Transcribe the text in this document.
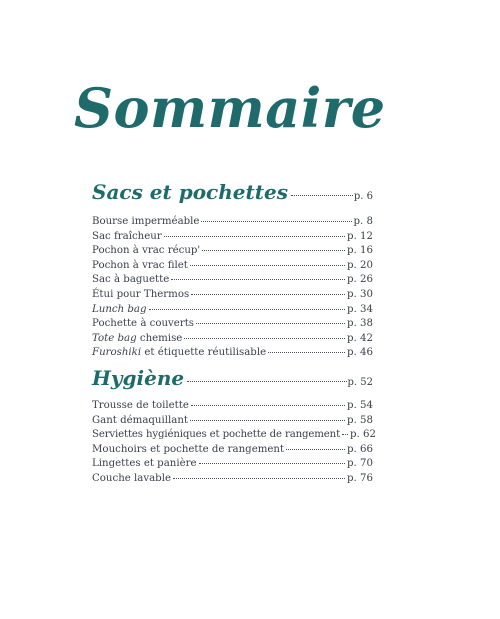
Sommaire
Sacs et pochettes	p. 6
Bourse imperméable	p. 8
Sac fraîcheur	p. 12
Pochon à vrac récup'	p. 16
Pochon à vrac filet	p. 20
Sac à baguette	p. 26
Étui pour Thermos	p. 30
Lunch bag	p. 34
Pochette à couverts	p. 38
Tote bag chemise	p. 42
Furoshiki et étiquette réutilisable	p. 46
Hygiène	p. 52
Trousse de toilette	p. 54
Gant démaquillant	p. 58
Serviettes hygiéniques et pochette de rangement p. 62
Mouchoirs et pochette de rangement	p. 66
Lingettes et panière	p. 70
Couche lavable	p. 76
